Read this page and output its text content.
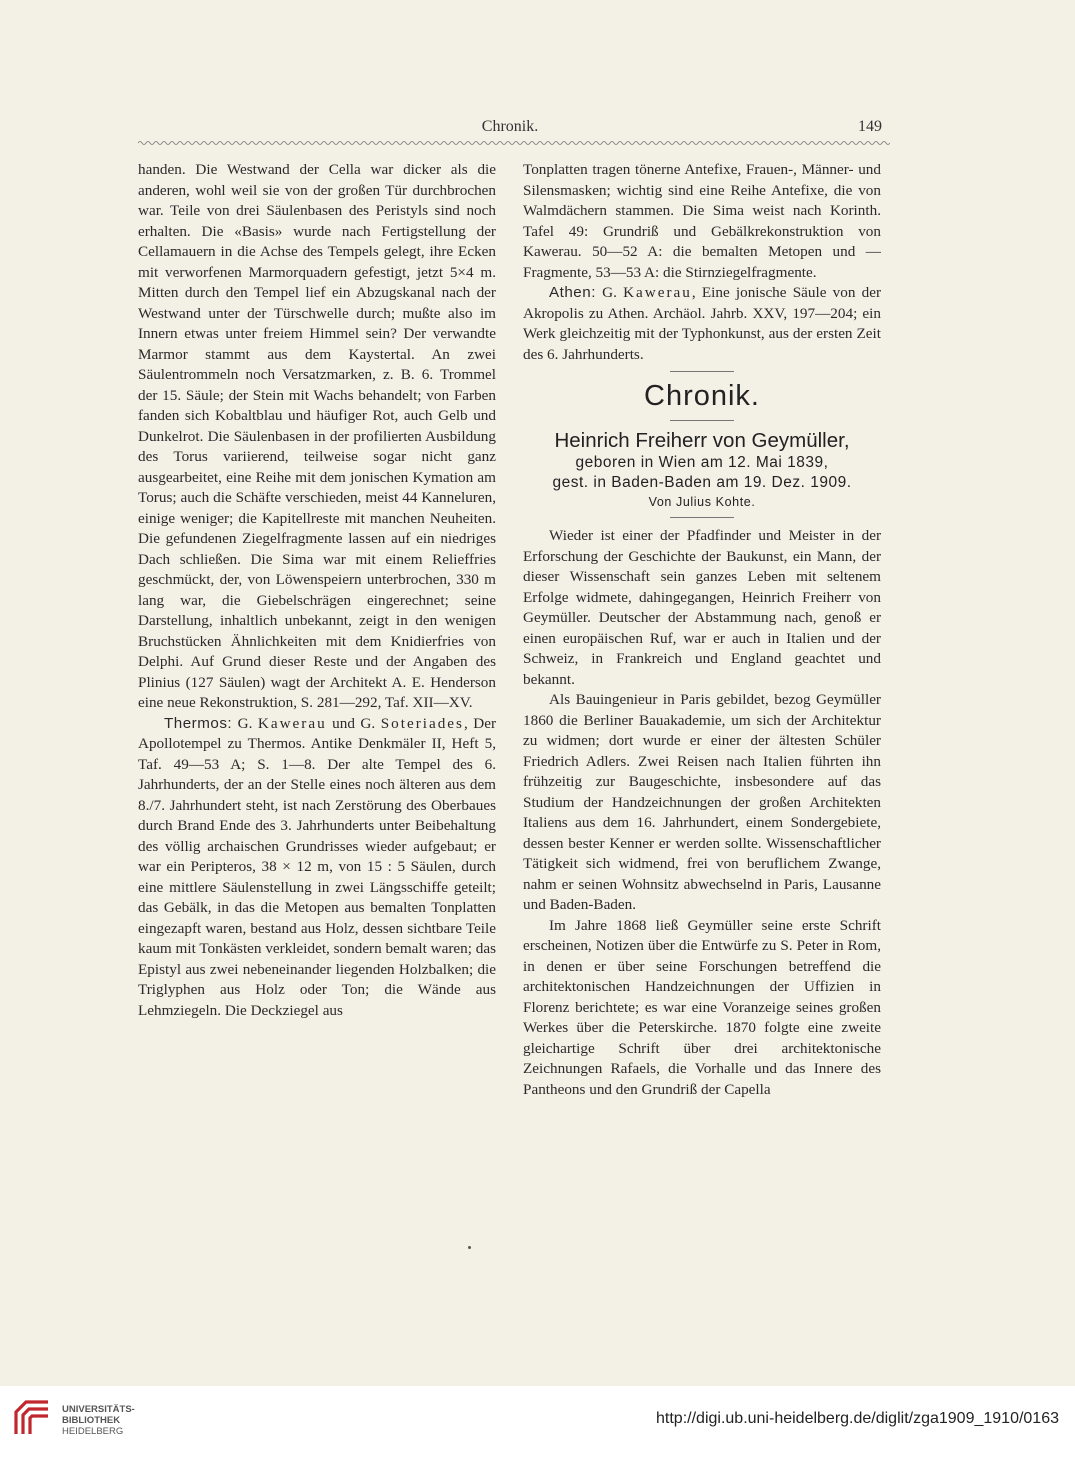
Chronik.	149

handen. Die Westwand der Cella war dicker als die anderen, wohl weil sie von der großen Tür durchbrochen war. Teile von drei Säulenbasen des Peristyls sind noch erhalten. Die «Basis» wurde nach Fertigstellung der Cellamauern in die Achse des Tempels gelegt, ihre Ecken mit verworfenen Marmorquadern gefestigt, jetzt 5×4 m. Mitten durch den Tempel lief ein Abzugskanal nach der Westwand unter der Türschwelle durch; mußte also im Innern etwas unter freiem Himmel sein? Der verwandte Marmor stammt aus dem Kaystertal. An zwei Säulentrommeln noch Versatzmarken, z. B. 6. Trommel der 15. Säule; der Stein mit Wachs behandelt; von Farben fanden sich Kobaltblau und häufiger Rot, auch Gelb und Dunkelrot. Die Säulenbasen in der profilierten Ausbildung des Torus variierend, teilweise sogar nicht ganz ausgearbeitet, eine Reihe mit dem jonischen Kymation am Torus; auch die Schäfte verschieden, meist 44 Kanneluren, einige weniger; die Kapitellreste mit manchen Neuheiten. Die gefundenen Ziegelfragmente lassen auf ein niedriges Dach schließen. Die Sima war mit einem Relieffries geschmückt, der, von Löwenspeiern unterbrochen, 330 m lang war, die Giebelschrägen eingerechnet; seine Darstellung, inhaltlich unbekannt, zeigt in den wenigen Bruchstücken Ähnlichkeiten mit dem Knidierfries von Delphi. Auf Grund dieser Reste und der Angaben des Plinius (127 Säulen) wagt der Architekt A. E. Henderson eine neue Rekonstruktion, S. 281—292, Taf. XII—XV.

Thermos: G. Kawerau und G. Soteriades, Der Apollotempel zu Thermos. Antike Denkmäler II, Heft 5, Taf. 49—53 A; S. 1—8. Der alte Tempel des 6. Jahrhunderts, der an der Stelle eines noch älteren aus dem 8./7. Jahrhundert steht, ist nach Zerstörung des Oberbaues durch Brand Ende des 3. Jahrhunderts unter Beibehaltung des völlig archaischen Grundrisses wieder aufgebaut; er war ein Peripteros, 38 × 12 m, von 15 : 5 Säulen, durch eine mittlere Säulenstellung in zwei Längsschiffe geteilt; das Gebälk, in das die Metopen aus bemalten Tonplatten eingezapft waren, bestand aus Holz, dessen sichtbare Teile kaum mit Tonkästen verkleidet, sondern bemalt waren; das Epistyl aus zwei nebeneinander liegenden Holzbalken; die Triglyphen aus Holz oder Ton; die Wände aus Lehmziegeln. Die Deckziegel aus

Tonplatten tragen tönerne Antefixe, Frauen-, Männer- und Silensmasken; wichtig sind eine Reihe Antefixe, die von Walmdächern stammen. Die Sima weist nach Korinth. Tafel 49: Grundriß und Gebälkrekonstruktion von Kawerau. 50—52 A: die bemalten Metopen und — Fragmente, 53—53 A: die Stirnziegelfragmente.

Athen: G. Kawerau, Eine jonische Säule von der Akropolis zu Athen. Archäol. Jahrb. XXV, 197—204; ein Werk gleichzeitig mit der Typhonkunst, aus der ersten Zeit des 6. Jahrhunderts.

Chronik.
Heinrich Freiherr von Geymüller,
geboren in Wien am 12. Mai 1839,
gest. in Baden-Baden am 19. Dez. 1909.
Von Julius Kohte.

Wieder ist einer der Pfadfinder und Meister in der Erforschung der Geschichte der Baukunst, ein Mann, der dieser Wissenschaft sein ganzes Leben mit seltenem Erfolge widmete, dahingegangen, Heinrich Freiherr von Geymüller. Deutscher der Abstammung nach, genoß er einen europäischen Ruf, war er auch in Italien und der Schweiz, in Frankreich und England geachtet und bekannt.

Als Bauingenieur in Paris gebildet, bezog Geymüller 1860 die Berliner Bauakademie, um sich der Architektur zu widmen; dort wurde er einer der ältesten Schüler Friedrich Adlers. Zwei Reisen nach Italien führten ihn frühzeitig zur Baugeschichte, insbesondere auf das Studium der Handzeichnungen der großen Architekten Italiens aus dem 16. Jahrhundert, einem Sondergebiete, dessen bester Kenner er werden sollte. Wissenschaftlicher Tätigkeit sich widmend, frei von beruflichem Zwange, nahm er seinen Wohnsitz abwechselnd in Paris, Lausanne und Baden-Baden.

Im Jahre 1868 ließ Geymüller seine erste Schrift erscheinen, Notizen über die Entwürfe zu S. Peter in Rom, in denen er über seine Forschungen betreffend die architektonischen Handzeichnungen der Uffizien in Florenz berichtete; es war eine Voranzeige seines großen Werkes über die Peterskirche. 1870 folgte eine zweite gleichartige Schrift über drei architektonische Zeichnungen Rafaels, die Vorhalle und das Innere des Pantheons und den Grundriß der Capella

UNIVERSITÄTS-
BIBLIOTHEK
HEIDELBERG
http://digi.ub.uni-heidelberg.de/diglit/zga1909_1910/0163
